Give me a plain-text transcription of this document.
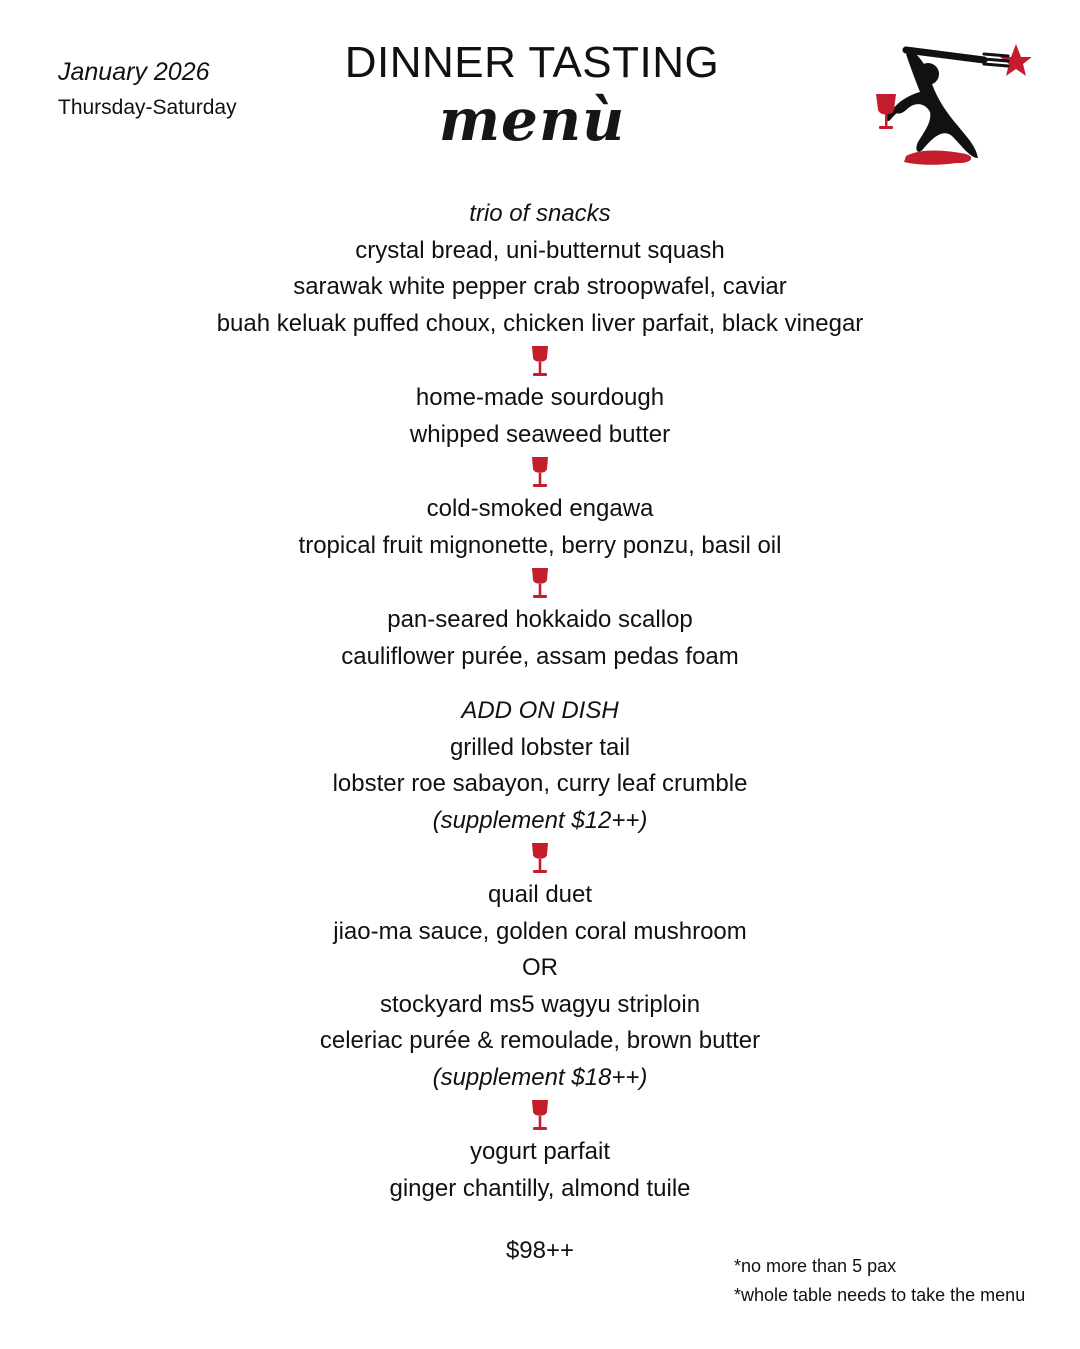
January 2026
Thursday-Saturday
DINNER TASTING
menù
trio of snacks
crystal bread, uni-butternut squash
sarawak white pepper crab stroopwafel, caviar
buah keluak puffed choux, chicken liver parfait, black vinegar
home-made sourdough
whipped seaweed butter
cold-smoked engawa
tropical fruit mignonette, berry ponzu, basil oil
pan-seared hokkaido scallop
cauliflower purée, assam pedas foam
ADD ON DISH
grilled lobster tail
lobster roe sabayon, curry leaf crumble
(supplement $12++)
quail duet
jiao-ma sauce, golden coral mushroom
OR
stockyard ms5 wagyu striploin
celeriac purée & remoulade, brown butter
(supplement $18++)
yogurt parfait
ginger chantilly, almond tuile
$98++
*no more than 5 pax
*whole table needs to take the menu
